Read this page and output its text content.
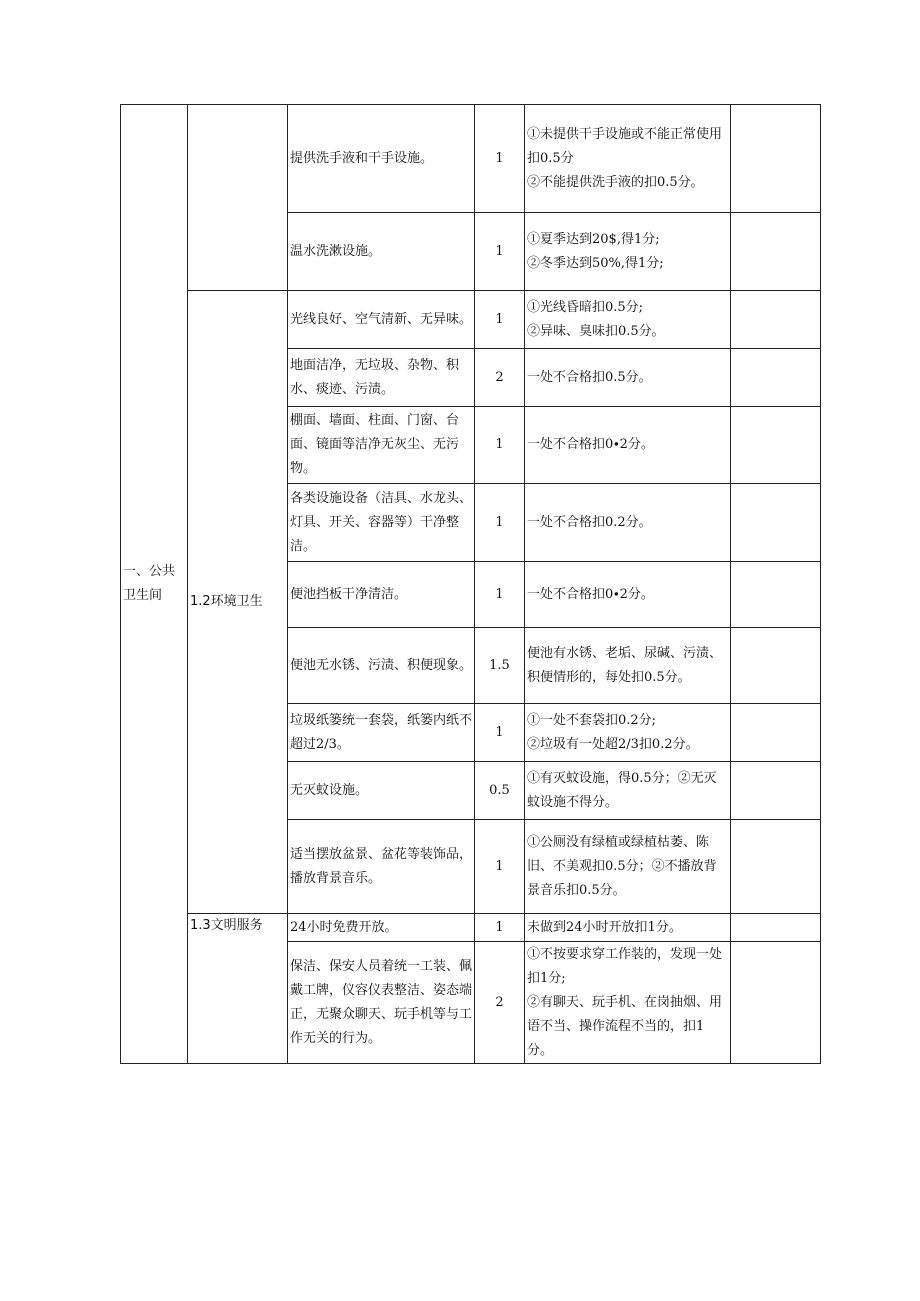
一、公共卫生间		提供洗手液和干手设施。	1	①未提供干手设施或不能正常使用扣0.5分
②不能提供洗手液的扣0.5分。	
		温水洗漱设施。	1	①夏季达到20$,得1分;
②冬季达到50%,得1分;	
	1.2环境卫生	光线良好、空气清新、无异味。	1	①光线昏暗扣0.5分;
②异味、臭味扣0.5分。	
		地面洁净，无垃圾、杂物、积水、痰迹、污渍。	2	一处不合格扣0.5分。	
		棚面、墙面、柱面、门窗、台面、镜面等洁净无灰尘、无污物。	1	一处不合格扣0∙2分。	
		各类设施设备（洁具、水龙头、灯具、开关、容器等）干净整洁。	1	一处不合格扣0.2分。	
		便池挡板干净清洁。	1	一处不合格扣0∙2分。	
		便池无水锈、污渍、积便现象。	1.5	便池有水锈、老垢、尿碱、污渍、积便情形的，每处扣0.5分。	
		垃圾纸篓统一套袋，纸篓内纸不超过2/3。	1	①一处不套袋扣0.2分;
②垃圾有一处超2/3扣0.2分。	
		无灭蚊设施。	0.5	①有灭蚊设施，得0.5分；②无灭蚊设施不得分。	
		适当摆放盆景、盆花等装饰品，播放背景音乐。	1	①公厕没有绿植或绿植枯萎、陈旧、不美观扣0.5分；②不播放背景音乐扣0.5分。	
	1.3文明服务	24小时免费开放。	1	未做到24小时开放扣1分。	
		保洁、保安人员着统一工装、佩戴工牌，仪容仪表整洁、姿态端正，无聚众聊天、玩手机等与工作无关的行为。	2	①不按要求穿工作装的，发现一处扣1分;
②有聊天、玩手机、在岗抽烟、用语不当、操作流程不当的，扣1分。	
